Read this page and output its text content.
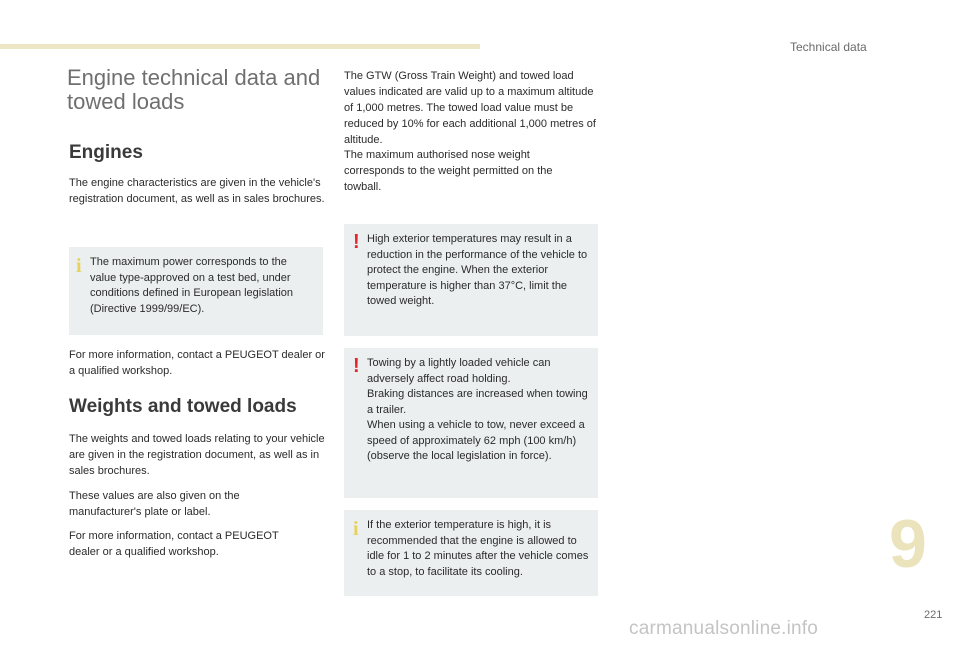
Technical data
Engine technical data and
towed loads
Engines

The engine characteristics are given in the vehicle's registration document, as well as in sales brochures.

i The maximum power corresponds to the value type-approved on a test bed, under conditions defined in European legislation (Directive 1999/99/EC).

For more information, contact a PEUGEOT dealer or a qualified workshop.

Weights and towed loads

The weights and towed loads relating to your vehicle are given in the registration document, as well as in sales brochures.

These values are also given on the manufacturer's plate or label.

For more information, contact a PEUGEOT dealer or a qualified workshop.

The GTW (Gross Train Weight) and towed load values indicated are valid up to a maximum altitude of 1,000 metres. The towed load value must be reduced by 10% for each additional 1,000 metres of altitude.

The maximum authorised nose weight corresponds to the weight permitted on the towball.

! High exterior temperatures may result in a reduction in the performance of the vehicle to protect the engine. When the exterior temperature is higher than 37°C, limit the towed weight.

! Towing by a lightly loaded vehicle can adversely affect road holding.
Braking distances are increased when towing a trailer.
When using a vehicle to tow, never exceed a speed of approximately 62 mph (100 km/h) (observe the local legislation in force).

i If the exterior temperature is high, it is recommended that the engine is allowed to idle for 1 to 2 minutes after the vehicle comes to a stop, to facilitate its cooling.	9
221
carmanualsonline.info
